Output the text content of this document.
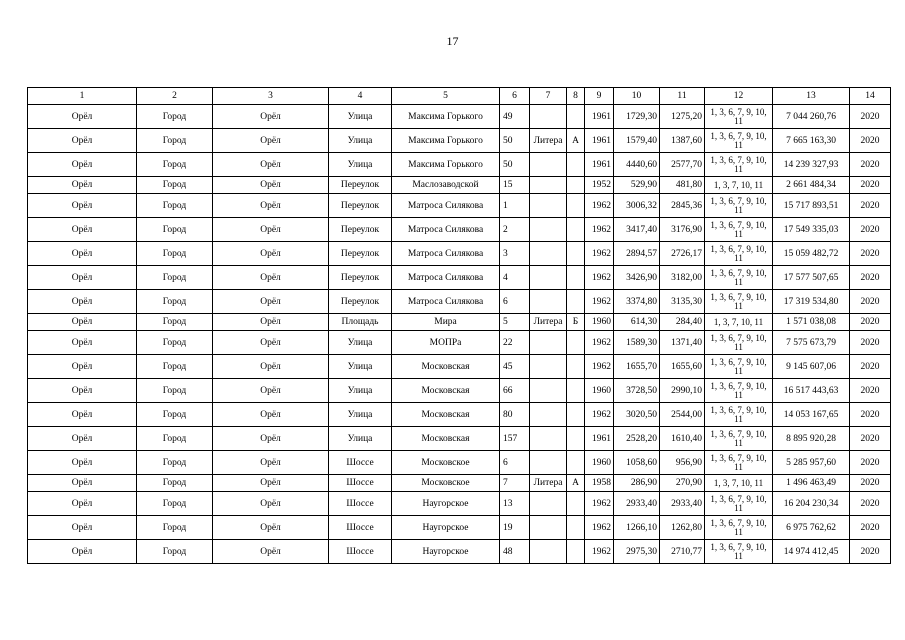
17
1	2	3	4	5	6	7	8	9	10	11	12	13	14
Орёл	Город	Орёл	Улица	Максима Горького	49			1961	1729,30	1275,20	1, 3, 6, 7, 9, 10, 11	7 044 260,76	2020
Орёл	Город	Орёл	Улица	Максима Горького	50	Литера	А	1961	1579,40	1387,60	1, 3, 6, 7, 9, 10, 11	7 665 163,30	2020
Орёл	Город	Орёл	Улица	Максима Горького	50			1961	4440,60	2577,70	1, 3, 6, 7, 9, 10, 11	14 239 327,93	2020
Орёл	Город	Орёл	Переулок	Маслозаводской	15			1952	529,90	481,80	1, 3, 7, 10, 11	2 661 484,34	2020
Орёл	Город	Орёл	Переулок	Матроса Силякова	1			1962	3006,32	2845,36	1, 3, 6, 7, 9, 10, 11	15 717 893,51	2020
Орёл	Город	Орёл	Переулок	Матроса Силякова	2			1962	3417,40	3176,90	1, 3, 6, 7, 9, 10, 11	17 549 335,03	2020
Орёл	Город	Орёл	Переулок	Матроса Силякова	3			1962	2894,57	2726,17	1, 3, 6, 7, 9, 10, 11	15 059 482,72	2020
Орёл	Город	Орёл	Переулок	Матроса Силякова	4			1962	3426,90	3182,00	1, 3, 6, 7, 9, 10, 11	17 577 507,65	2020
Орёл	Город	Орёл	Переулок	Матроса Силякова	6			1962	3374,80	3135,30	1, 3, 6, 7, 9, 10, 11	17 319 534,80	2020
Орёл	Город	Орёл	Площадь	Мира	5	Литера	Б	1960	614,30	284,40	1, 3, 7, 10, 11	1 571 038,08	2020
Орёл	Город	Орёл	Улица	МОПРа	22			1962	1589,30	1371,40	1, 3, 6, 7, 9, 10, 11	7 575 673,79	2020
Орёл	Город	Орёл	Улица	Московская	45			1962	1655,70	1655,60	1, 3, 6, 7, 9, 10, 11	9 145 607,06	2020
Орёл	Город	Орёл	Улица	Московская	66			1960	3728,50	2990,10	1, 3, 6, 7, 9, 10, 11	16 517 443,63	2020
Орёл	Город	Орёл	Улица	Московская	80			1962	3020,50	2544,00	1, 3, 6, 7, 9, 10, 11	14 053 167,65	2020
Орёл	Город	Орёл	Улица	Московская	157			1961	2528,20	1610,40	1, 3, 6, 7, 9, 10, 11	8 895 920,28	2020
Орёл	Город	Орёл	Шоссе	Московское	6			1960	1058,60	956,90	1, 3, 6, 7, 9, 10, 11	5 285 957,60	2020
Орёл	Город	Орёл	Шоссе	Московское	7	Литера	А	1958	286,90	270,90	1, 3, 7, 10, 11	1 496 463,49	2020
Орёл	Город	Орёл	Шоссе	Наугорское	13			1962	2933,40	2933,40	1, 3, 6, 7, 9, 10, 11	16 204 230,34	2020
Орёл	Город	Орёл	Шоссе	Наугорское	19			1962	1266,10	1262,80	1, 3, 6, 7, 9, 10, 11	6 975 762,62	2020
Орёл	Город	Орёл	Шоссе	Наугорское	48			1962	2975,30	2710,77	1, 3, 6, 7, 9, 10, 11	14 974 412,45	2020
